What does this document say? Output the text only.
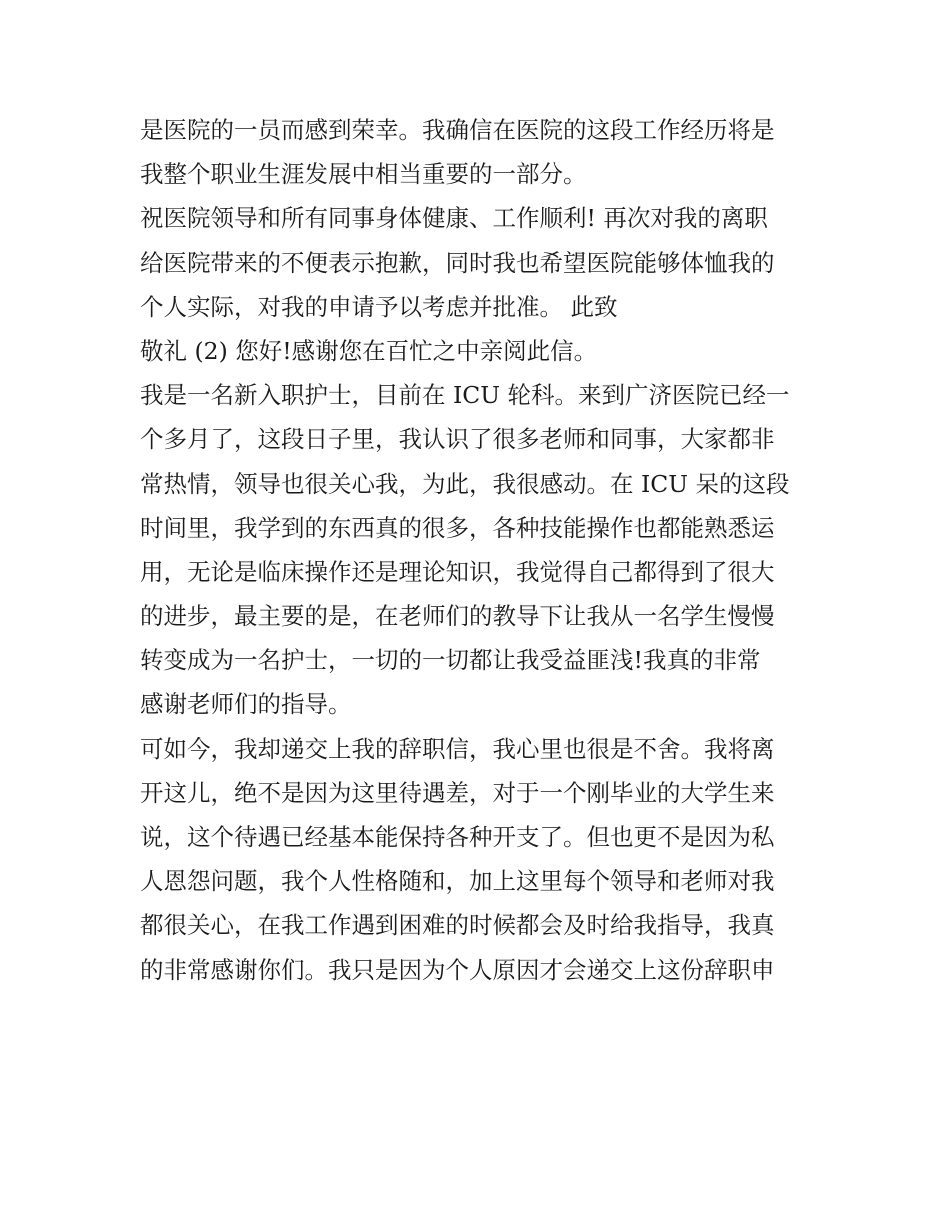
是医院的一员而感到荣幸。我确信在医院的这段工作经历将是
我整个职业生涯发展中相当重要的一部分。
祝医院领导和所有同事身体健康、工作顺利! 再次对我的离职
给医院带来的不便表示抱歉，同时我也希望医院能够体恤我的
个人实际，对我的申请予以考虑并批准。 此致
敬礼 (2) 您好!感谢您在百忙之中亲阅此信。
我是一名新入职护士，目前在 ICU 轮科。来到广济医院已经一
个多月了，这段日子里，我认识了很多老师和同事，大家都非
常热情，领导也很关心我，为此，我很感动。在 ICU 呆的这段
时间里，我学到的东西真的很多，各种技能操作也都能熟悉运
用，无论是临床操作还是理论知识，我觉得自己都得到了很大
的进步，最主要的是，在老师们的教导下让我从一名学生慢慢
转变成为一名护士，一切的一切都让我受益匪浅!我真的非常
感谢老师们的指导。
可如今，我却递交上我的辞职信，我心里也很是不舍。我将离
开这儿，绝不是因为这里待遇差，对于一个刚毕业的大学生来
说，这个待遇已经基本能保持各种开支了。但也更不是因为私
人恩怨问题，我个人性格随和，加上这里每个领导和老师对我
都很关心，在我工作遇到困难的时候都会及时给我指导，我真
的非常感谢你们。我只是因为个人原因才会递交上这份辞职申
